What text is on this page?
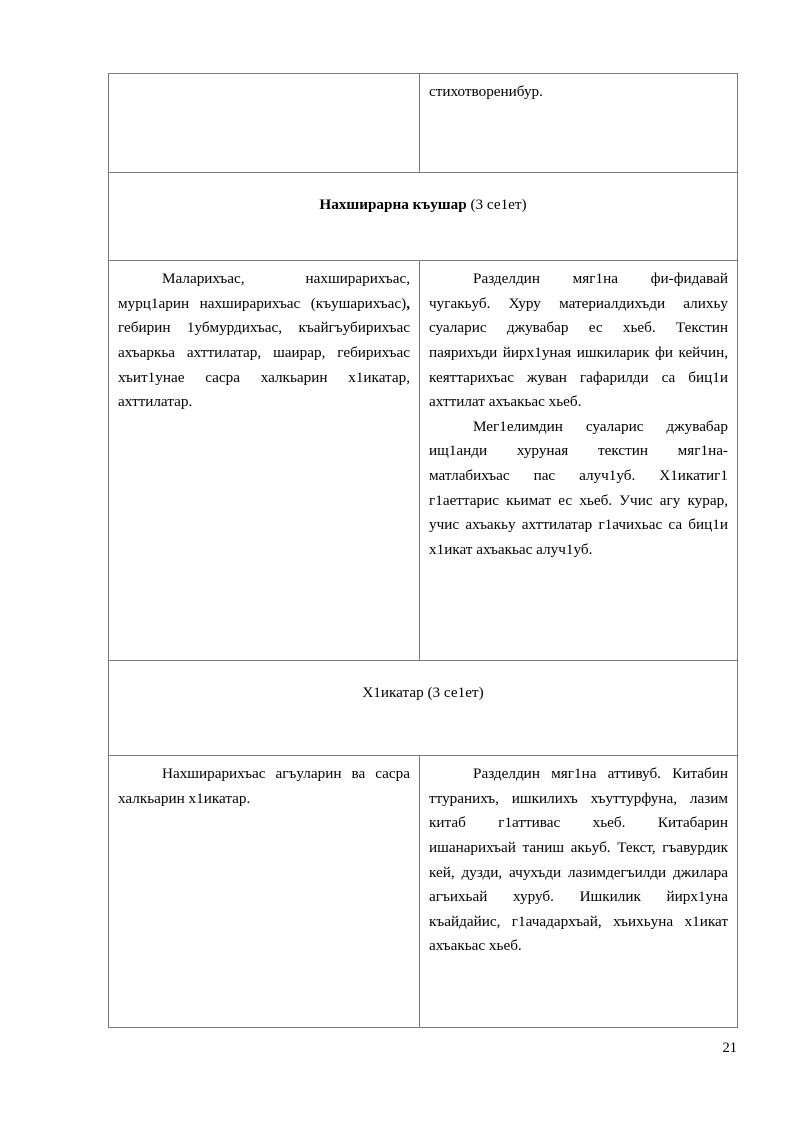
	стихотворенибур.

Нахширарна къушар (3 се1ет)	

Маларихъас, нахширарихъас, мурц1арин нахширарихъас (къушарихъас), гебирин 1убмурдихъас, къайгъубирихъас ахъаркьа ахттилатар, шаирар, гебирихъас хъит1унае сасра халкьарин х1икатар, ахттилатар.	Разделдин мяг1на фи-фидавай чугакьуб. Хуру материалдихъди алихьу суаларис джувабар ес хьеб. Текстин паярихъди йирх1уная ишкиларик фи кейчин, кеяттарихъас жуван гафарилди са биц1и ахттилат ахъакьас хьеб.

Мег1елимдин суаларис джувабар ищ1анди хуруная текстин мяг1на-матлабихъас пас алуч1уб. Х1икатиг1 г1аеттарис кьимат ес хьеб. Учис агу курар, учис ахъакьу ахттилатар г1ачихьас са биц1и х1икат ахъакьас алуч1уб.

Х1икатар (3 се1ет)	

Нахширарихъас агъуларин ва сасра халкьарин х1икатар.	Разделдин мяг1на аттивуб. Китабин ттуранихъ, ишкилихъ хъуттурфуна, лазим китаб г1аттивас хьеб. Китабарин ишанарихъай таниш акьуб. Текст, гъавурдик кей, дузди, ачухъди лазимдегъилди джилара агъихьай хуруб. Ишкилик йирх1уна къайдайис, г1ачадархъай, хъихьуна х1икат ахъакьас хьеб.

21
